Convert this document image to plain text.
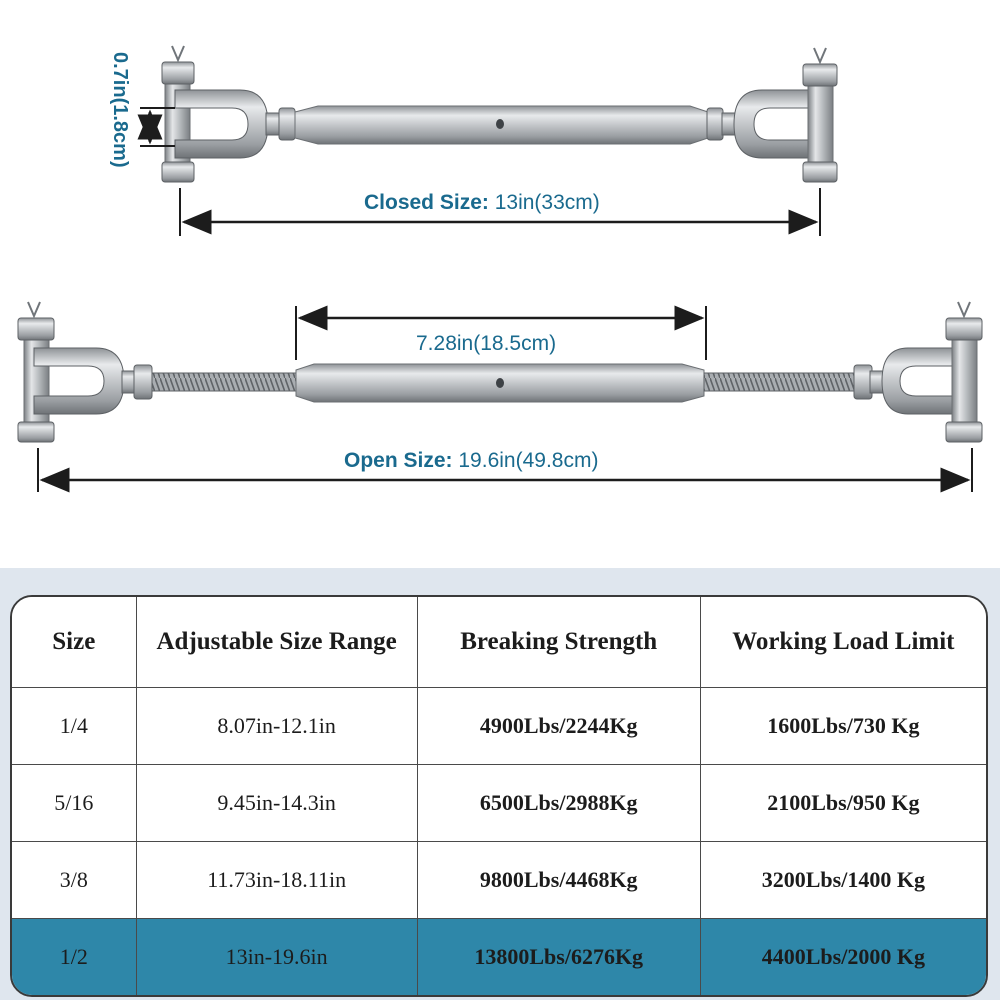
0.7in(1.8cm)
Closed Size: 13in(33cm)
7.28in(18.5cm)
Open Size: 19.6in(49.8cm)
Size	Adjustable Size Range	Breaking Strength	Working Load Limit
1/4	8.07in-12.1in	4900Lbs/2244Kg	1600Lbs/730 Kg
5/16	9.45in-14.3in	6500Lbs/2988Kg	2100Lbs/950 Kg
3/8	11.73in-18.11in	9800Lbs/4468Kg	3200Lbs/1400 Kg
1/2	13in-19.6in	13800Lbs/6276Kg	4400Lbs/2000 Kg
